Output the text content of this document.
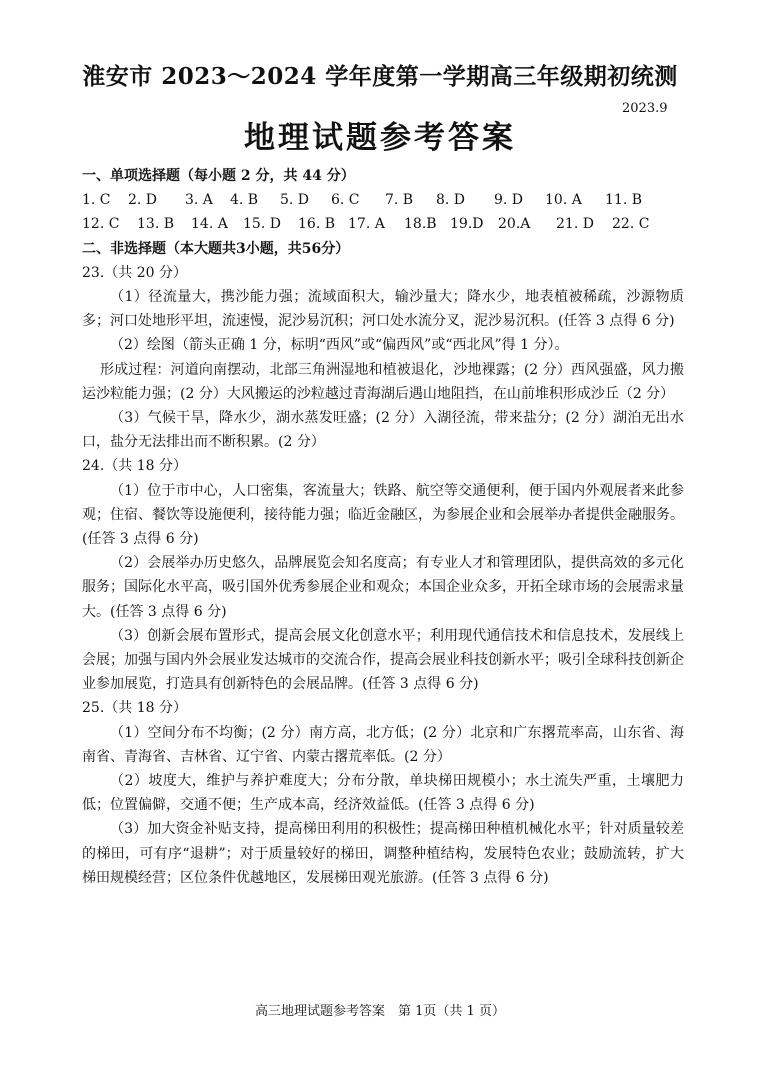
淮安市 2023～2024 学年度第一学期高三年级期初统测
2023.9
地理试题参考答案
一、单项选择题（每小题 2 分，共 44 分）
1. C	2. D	3. A	4. B	5. D	6. C	7. B	8. D	9. D	10. A	11. B
12. C	13. B	14. A	15. D	16. B 17. A	18.B 19.D	20.A	21. D	22. C
二、非选择题（本大题共3小题，共56分）
23.（共 20 分）

（1）径流量大，携沙能力强；流域面积大，输沙量大；降水少，地表植被稀疏，沙源物质多；河口处地形平坦，流速慢，泥沙易沉积；河口处水流分叉，泥沙易沉积。(任答 3 点得 6 分)

（2）绘图（箭头正确 1 分，标明“西风”或“偏西风”或“西北风”得 1 分）。

形成过程：河道向南摆动，北部三角洲湿地和植被退化，沙地裸露；(2 分）西风强盛，风力搬运沙粒能力强；(2 分）大风搬运的沙粒越过青海湖后遇山地阻挡，在山前堆积形成沙丘（2 分）

（3）气候干旱，降水少，湖水蒸发旺盛；(2 分）入湖径流，带来盐分；(2 分）湖泊无出水口，盐分无法排出而不断积累。(2 分）

24.（共 18 分）

（1）位于市中心，人口密集，客流量大；铁路、航空等交通便利，便于国内外观展者来此参观；住宿、餐饮等设施便利，接待能力强；临近金融区，为参展企业和会展举办者提供金融服务。(任答 3 点得 6 分)

（2）会展举办历史悠久，品牌展览会知名度高；有专业人才和管理团队，提供高效的多元化服务；国际化水平高，吸引国外优秀参展企业和观众；本国企业众多，开拓全球市场的会展需求量大。(任答 3 点得 6 分)

（3）创新会展布置形式，提高会展文化创意水平；利用现代通信技术和信息技术，发展线上会展；加强与国内外会展业发达城市的交流合作，提高会展业科技创新水平；吸引全球科技创新企业参加展览，打造具有创新特色的会展品牌。(任答 3 点得 6 分)

25.（共 18 分）

（1）空间分布不均衡；(2 分）南方高，北方低；(2 分）北京和广东撂荒率高，山东省、海南省、青海省、吉林省、辽宁省、内蒙古撂荒率低。(2 分）

（2）坡度大，维护与养护难度大；分布分散，单块梯田规模小；水土流失严重，土壤肥力低；位置偏僻，交通不便；生产成本高，经济效益低。(任答 3 点得 6 分)

（3）加大资金补贴支持，提高梯田利用的积极性；提高梯田种植机械化水平；针对质量较差的梯田，可有序“退耕”；对于质量较好的梯田，调整种植结构，发展特色农业；鼓励流转，扩大梯田规模经营；区位条件优越地区，发展梯田观光旅游。(任答 3 点得 6 分)

高三地理试题参考答案　第 1页（共 1 页）
